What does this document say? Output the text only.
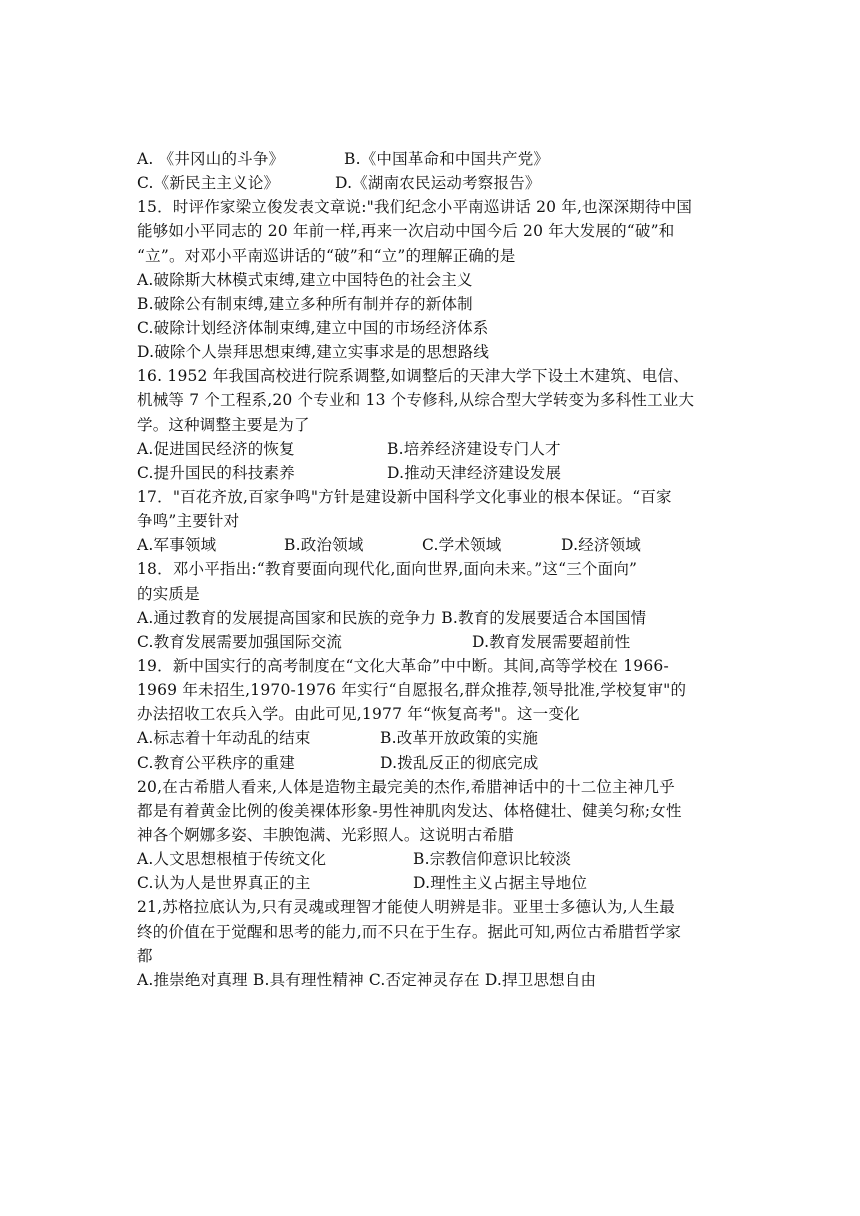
A. 《井冈山的斗争》

	B.《中国革命和中国共产党》

C.《新民主主义论》

	D.《湖南农民运动考察报告》

15．时评作家梁立俊发表文章说:"我们纪念小平南巡讲话 20 年,也深深期待中国
能够如小平同志的 20 年前一样,再来一次启动中国今后 20 年大发展的“破”和
“立”。对邓小平南巡讲话的“破”和“立”的理解正确的是
A.破除斯大林模式束缚,建立中国特色的社会主义
B.破除公有制束缚,建立多种所有制并存的新体制
C.破除计划经济体制束缚,建立中国的市场经济体系
D.破除个人崇拜思想束缚,建立实事求是的思想路线
16. 1952 年我国高校进行院系调整,如调整后的天津大学下设土木建筑、电信、
机械等 7 个工程系,20 个专业和 13 个专修科,从综合型大学转变为多科性工业大
学。这种调整主要是为了

A.促进国民经济的恢复

	B.培养经济建设专门人才

C.提升国民的科技素养

	D.推动天津经济建设发展

17．"百花齐放,百家争鸣"方针是建设新中国科学文化事业的根本保证。“百家
争鸣”主要针对

A.军事领域

	B.政治领域

	C.学术领域

	D.经济领域

18．邓小平指出:“教育要面向现代化,面向世界,面向未来。”这“三个面向”
的实质是
A.通过教育的发展提高国家和民族的竞争力 B.教育的发展要适合本国国情

C.教育发展需要加强国际交流

	D.教育发展需要超前性

19．新中国实行的高考制度在“文化大革命”中中断。其间,高等学校在 1966-
1969 年未招生,1970-1976 年实行“自愿报名,群众推荐,领导批准,学校复审"的
办法招收工农兵入学。由此可见,1977 年“恢复高考"。这一变化

A.标志着十年动乱的结束

	B.改革开放政策的实施

C.教育公平秩序的重建

	D.拨乱反正的彻底完成

20,在古希腊人看来,人体是造物主最完美的杰作,希腊神话中的十二位主神几乎
都是有着黄金比例的俊美裸体形象-男性神肌肉发达、体格健壮、健美匀称;女性
神各个婀娜多姿、丰腴饱满、光彩照人。这说明古希腊

A.人文思想根植于传统文化

	B.宗教信仰意识比较淡

C.认为人是世界真正的主

	D.理性主义占据主导地位

21,苏格拉底认为,只有灵魂或理智才能使人明辨是非。亚里士多德认为,人生最
终的价值在于觉醒和思考的能力,而不只在于生存。据此可知,两位古希腊哲学家
都
A.推崇绝对真理 B.具有理性精神 C.否定神灵存在 D.捍卫思想自由
